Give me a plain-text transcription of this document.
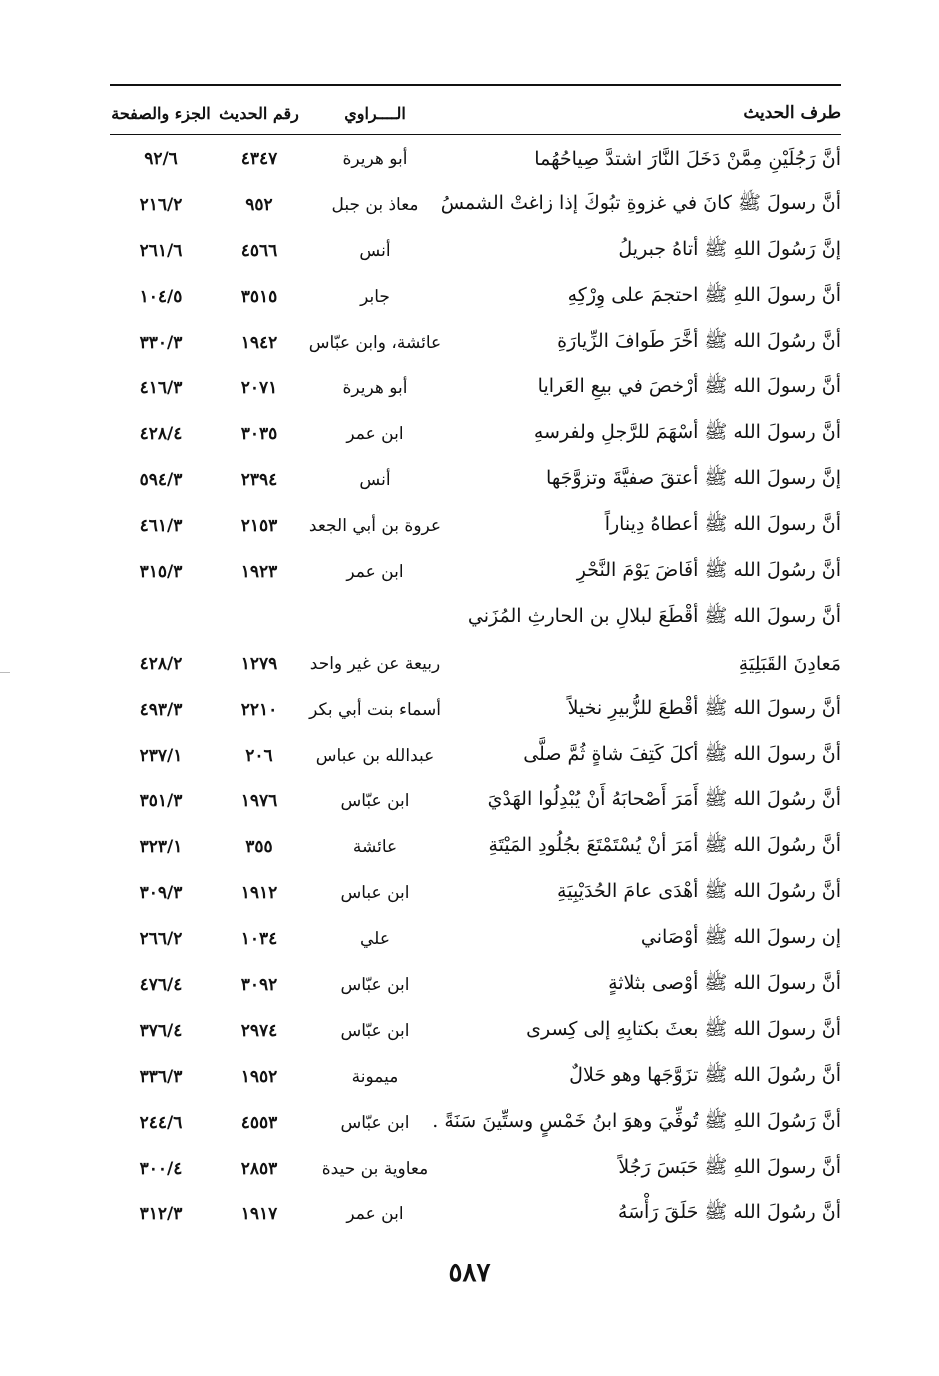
طرف الحديث
الــــراوي
رقم الحديث
الجزء والصفحة
أنَّ رَجُلَيْنِ مِمَّنْ دَخَلَ النَّارَ اشتدَّ صِياحُهُما
أبو هريرة
٤٣٤٧
٩٢/٦
أنَّ رسولَ ﷺ كانَ في غزوةِ تبُوكَ إذا زاغتْ الشمسُ
معاذ بن جبل
٩٥٢
٢١٦/٢
إنَّ رَسُولَ اللهِ ﷺ أتاهُ جبريلُ
أنس
٤٥٦٦
٢٦١/٦
أنَّ رسولَ اللهِ ﷺ احتجمَ على وِرْكِهِ
جابر
٣٥١٥
١٠٤/٥
أنَّ رسُولَ الله ﷺ أخَّرَ طَوافَ الزِّيارَةِ
عائشة، وابن عبّاس
١٩٤٢
٣٣٠/٣
أنَّ رسولَ الله ﷺ أرْخصَ في بيعِ العَرايا
أبو هريرة
٢٠٧١
٤١٦/٣
أنَّ رسولَ الله ﷺ أسْهَمَ للرَّجلِ ولفرسهِ
ابن عمر
٣٠٣٥
٤٢٨/٤
إنَّ رسولَ الله ﷺ أعتقَ صفيَّةَ وتزوَّجَها
أنس
٢٣٩٤
٥٩٤/٣
أنَّ رسولَ الله ﷺ أعطاهُ دِيناراً
عروة بن أبي الجعد
٢١٥٣
٤٦١/٣
أنَّ رسُولَ الله ﷺ أفَاضَ يَوْمَ النَّحْرِ
ابن عمر
١٩٢٣
٣١٥/٣
أنَّ رسولَ الله ﷺ أقْطَعَ لبلالِ بن الحارثِ المُزَني
مَعادِنَ القَبَلِيَةِ
ربيعة عن غير واحد
١٢٧٩
٤٢٨/٢
أنَّ رسولَ الله ﷺ أقْطعَ للزُّبيرِ نخيلاً
أسماء بنت أبي بكر
٢٢١٠
٤٩٣/٣
أنَّ رسولَ الله ﷺ أكلَ كَتِفَ شاةٍ ثُمَّ صلَّى
عبدالله بن عباس
٢٠٦
٢٣٧/١
أنَّ رسُولَ الله ﷺ أَمَرَ أَصْحابَهُ أَنْ يُبْدِلُوا الهَدْيَ
ابن عبّاس
١٩٧٦
٣٥١/٣
أنَّ رسُولَ الله ﷺ أمَرَ أنْ يُسْتَمْتَعَ بجُلُودِ المَيْتَةِ
عائشة
٣٥٥
٣٢٣/١
أنَّ رسُولَ الله ﷺ أهْدَى عامَ الحُدَيْبِيَةِ
ابن عباس
١٩١٢
٣٠٩/٣
إن رسولَ الله ﷺ أوْصَاني
علي
١٠٣٤
٢٦٦/٢
أنَّ رسولَ الله ﷺ أوْصى بثلاثةٍ
ابن عبّاس
٣٠٩٢
٤٧٦/٤
أنَّ رسولَ الله ﷺ بعثَ بكتابِهِ إلى كِسرى
ابن عبّاس
٢٩٧٤
٣٧٦/٤
أنَّ رسُولَ الله ﷺ تزَوَّجَها وهو حَلالٌ
ميمونة
١٩٥٢
٣٣٦/٣
أنَّ رَسُولَ اللهِ ﷺ تُوفِّيَ وهوَ ابنُ خَمْسٍ وستِّينَ سَنَةً .
ابن عبّاس
٤٥٥٣
٢٤٤/٦
أنَّ رسولَ اللهِ ﷺ حَبَسَ رَجُلاً
معاوية بن حيدة
٢٨٥٣
٣٠٠/٤
أنَّ رسُولَ الله ﷺ حَلَقَ رَأْسَهُ
ابن عمر
١٩١٧
٣١٢/٣
٥٨٧
